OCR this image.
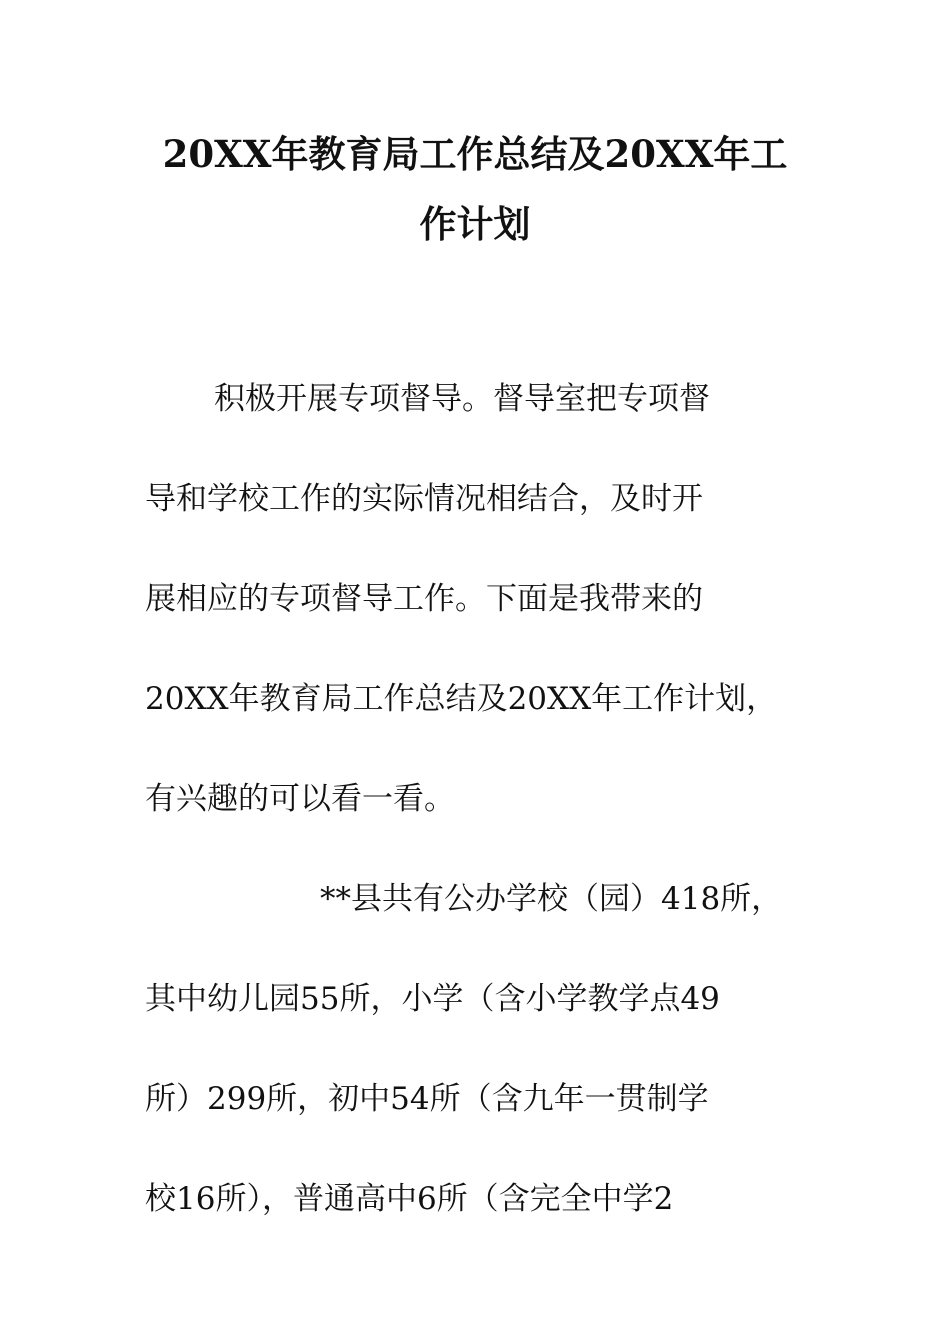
20XX年教育局工作总结及20XX年工
作计划
积极开展专项督导。督导室把专项督
导和学校工作的实际情况相结合，及时开
展相应的专项督导工作。下面是我带来的
20XX年教育局工作总结及20XX年工作计划，
有兴趣的可以看一看。
**县共有公办学校（园）418所，
其中幼儿园55所，小学（含小学教学点49
所）299所，初中54所（含九年一贯制学
校16所），普通高中6所（含完全中学2
